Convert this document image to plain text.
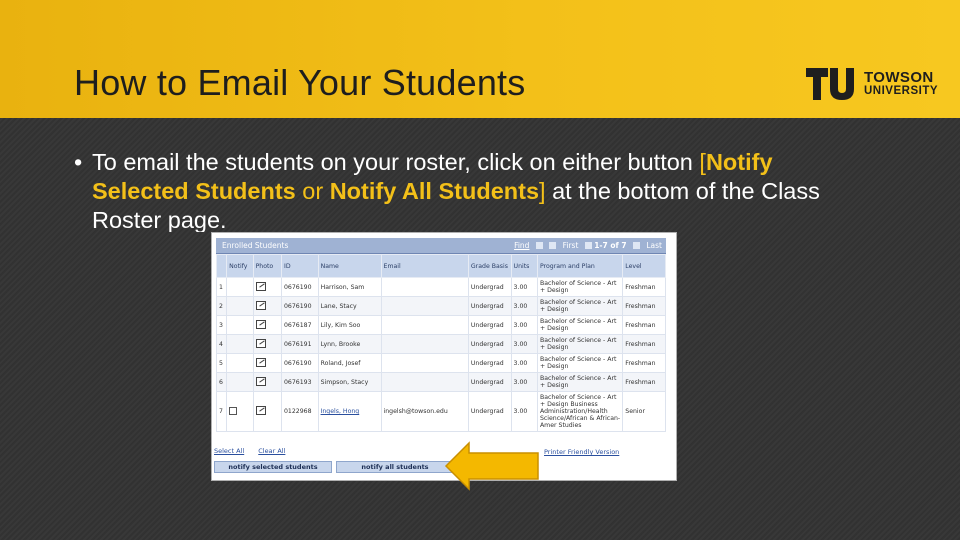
How to Email Your Students	TOWSON
UNIVERSITY
• To email the students on your roster, click on either button [Notify Selected Students or Notify All Students] at the bottom of the Class Roster page.
Enrolled Students	Find	First 1-7 of 7	Last
	Notify	Photo	ID	Name	Email	Grade Basis	Units	Program and Plan	Level
1			0676190	Harrison, Sam		Undergrad	3.00	Bachelor of Science - Art + Design	Freshman
2			0676190	Lane, Stacy		Undergrad	3.00	Bachelor of Science - Art + Design	Freshman
3			0676187	Lily, Kim Soo		Undergrad	3.00	Bachelor of Science - Art + Design	Freshman
4			0676191	Lynn, Brooke		Undergrad	3.00	Bachelor of Science - Art + Design	Freshman
5			0676190	Roland, Josef		Undergrad	3.00	Bachelor of Science - Art + Design	Freshman
6			0676193	Simpson, Stacy		Undergrad	3.00	Bachelor of Science - Art + Design	Freshman
7			0122968	Ingels, Hong	ingelsh@towson.edu	Undergrad	3.00	Bachelor of Science - Art + Design Business Administration/Health Science/African & African-Amer Studies	Senior
Select All Clear All	Printer Friendly Version
notify selected students	notify all students
